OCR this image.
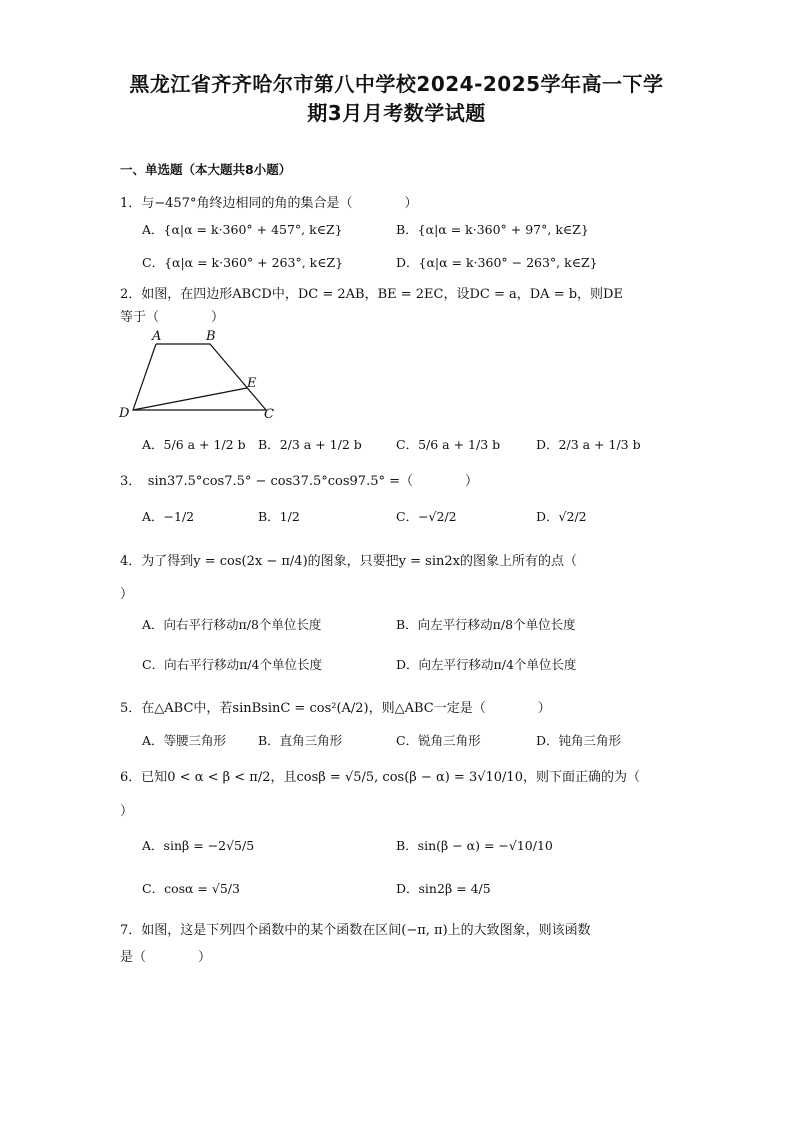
黑龙江省齐齐哈尔市第八中学校2024-2025学年高一下学
期3月月考数学试题
一、单选题（本大题共8小题）
1．与−457°角终边相同的角的集合是（　　　　）
A．{α|α = k·360° + 457°, k∈Z}	B．{α|α = k·360° + 97°, k∈Z}
C．{α|α = k·360° + 263°, k∈Z}	D．{α|α = k·360° − 263°, k∈Z}
2．如图，在四边形ABCD中，DC = 2AB，BE = 2EC，设DC = a，DA = b，则DE
等于（　　　　）
A	B
E
D	C
A．5/6 a + 1/2 b B．2/3 a + 1/2 b	C．5/6 a + 1/3 b	D．2/3 a + 1/3 b
3．　sin37.5°cos7.5° − cos37.5°cos97.5° =（　　　　）
A．−1/2	B．1/2	C．−√2/2	D．√2/2
4．为了得到y = cos(2x − π/4)的图象，只要把y = sin2x的图象上所有的点（
）
A．向右平行移动π/8个单位长度	B．向左平行移动π/8个单位长度
C．向右平行移动π/4个单位长度	D．向左平行移动π/4个单位长度
5．在△ABC中，若sinBsinC = cos²(A/2)，则△ABC一定是（　　　　）
A．等腰三角形	B．直角三角形	C．锐角三角形	D．钝角三角形
6．已知0 < α < β < π/2，且cosβ = √5/5, cos(β − α) = 3√10/10，则下面正确的为（
）
A．sinβ = −2√5/5	B．sin(β − α) = −√10/10
C．cosα = √5/3	D．sin2β = 4/5
7．如图，这是下列四个函数中的某个函数在区间(−π, π)上的大致图象，则该函数
是（　　　　）
